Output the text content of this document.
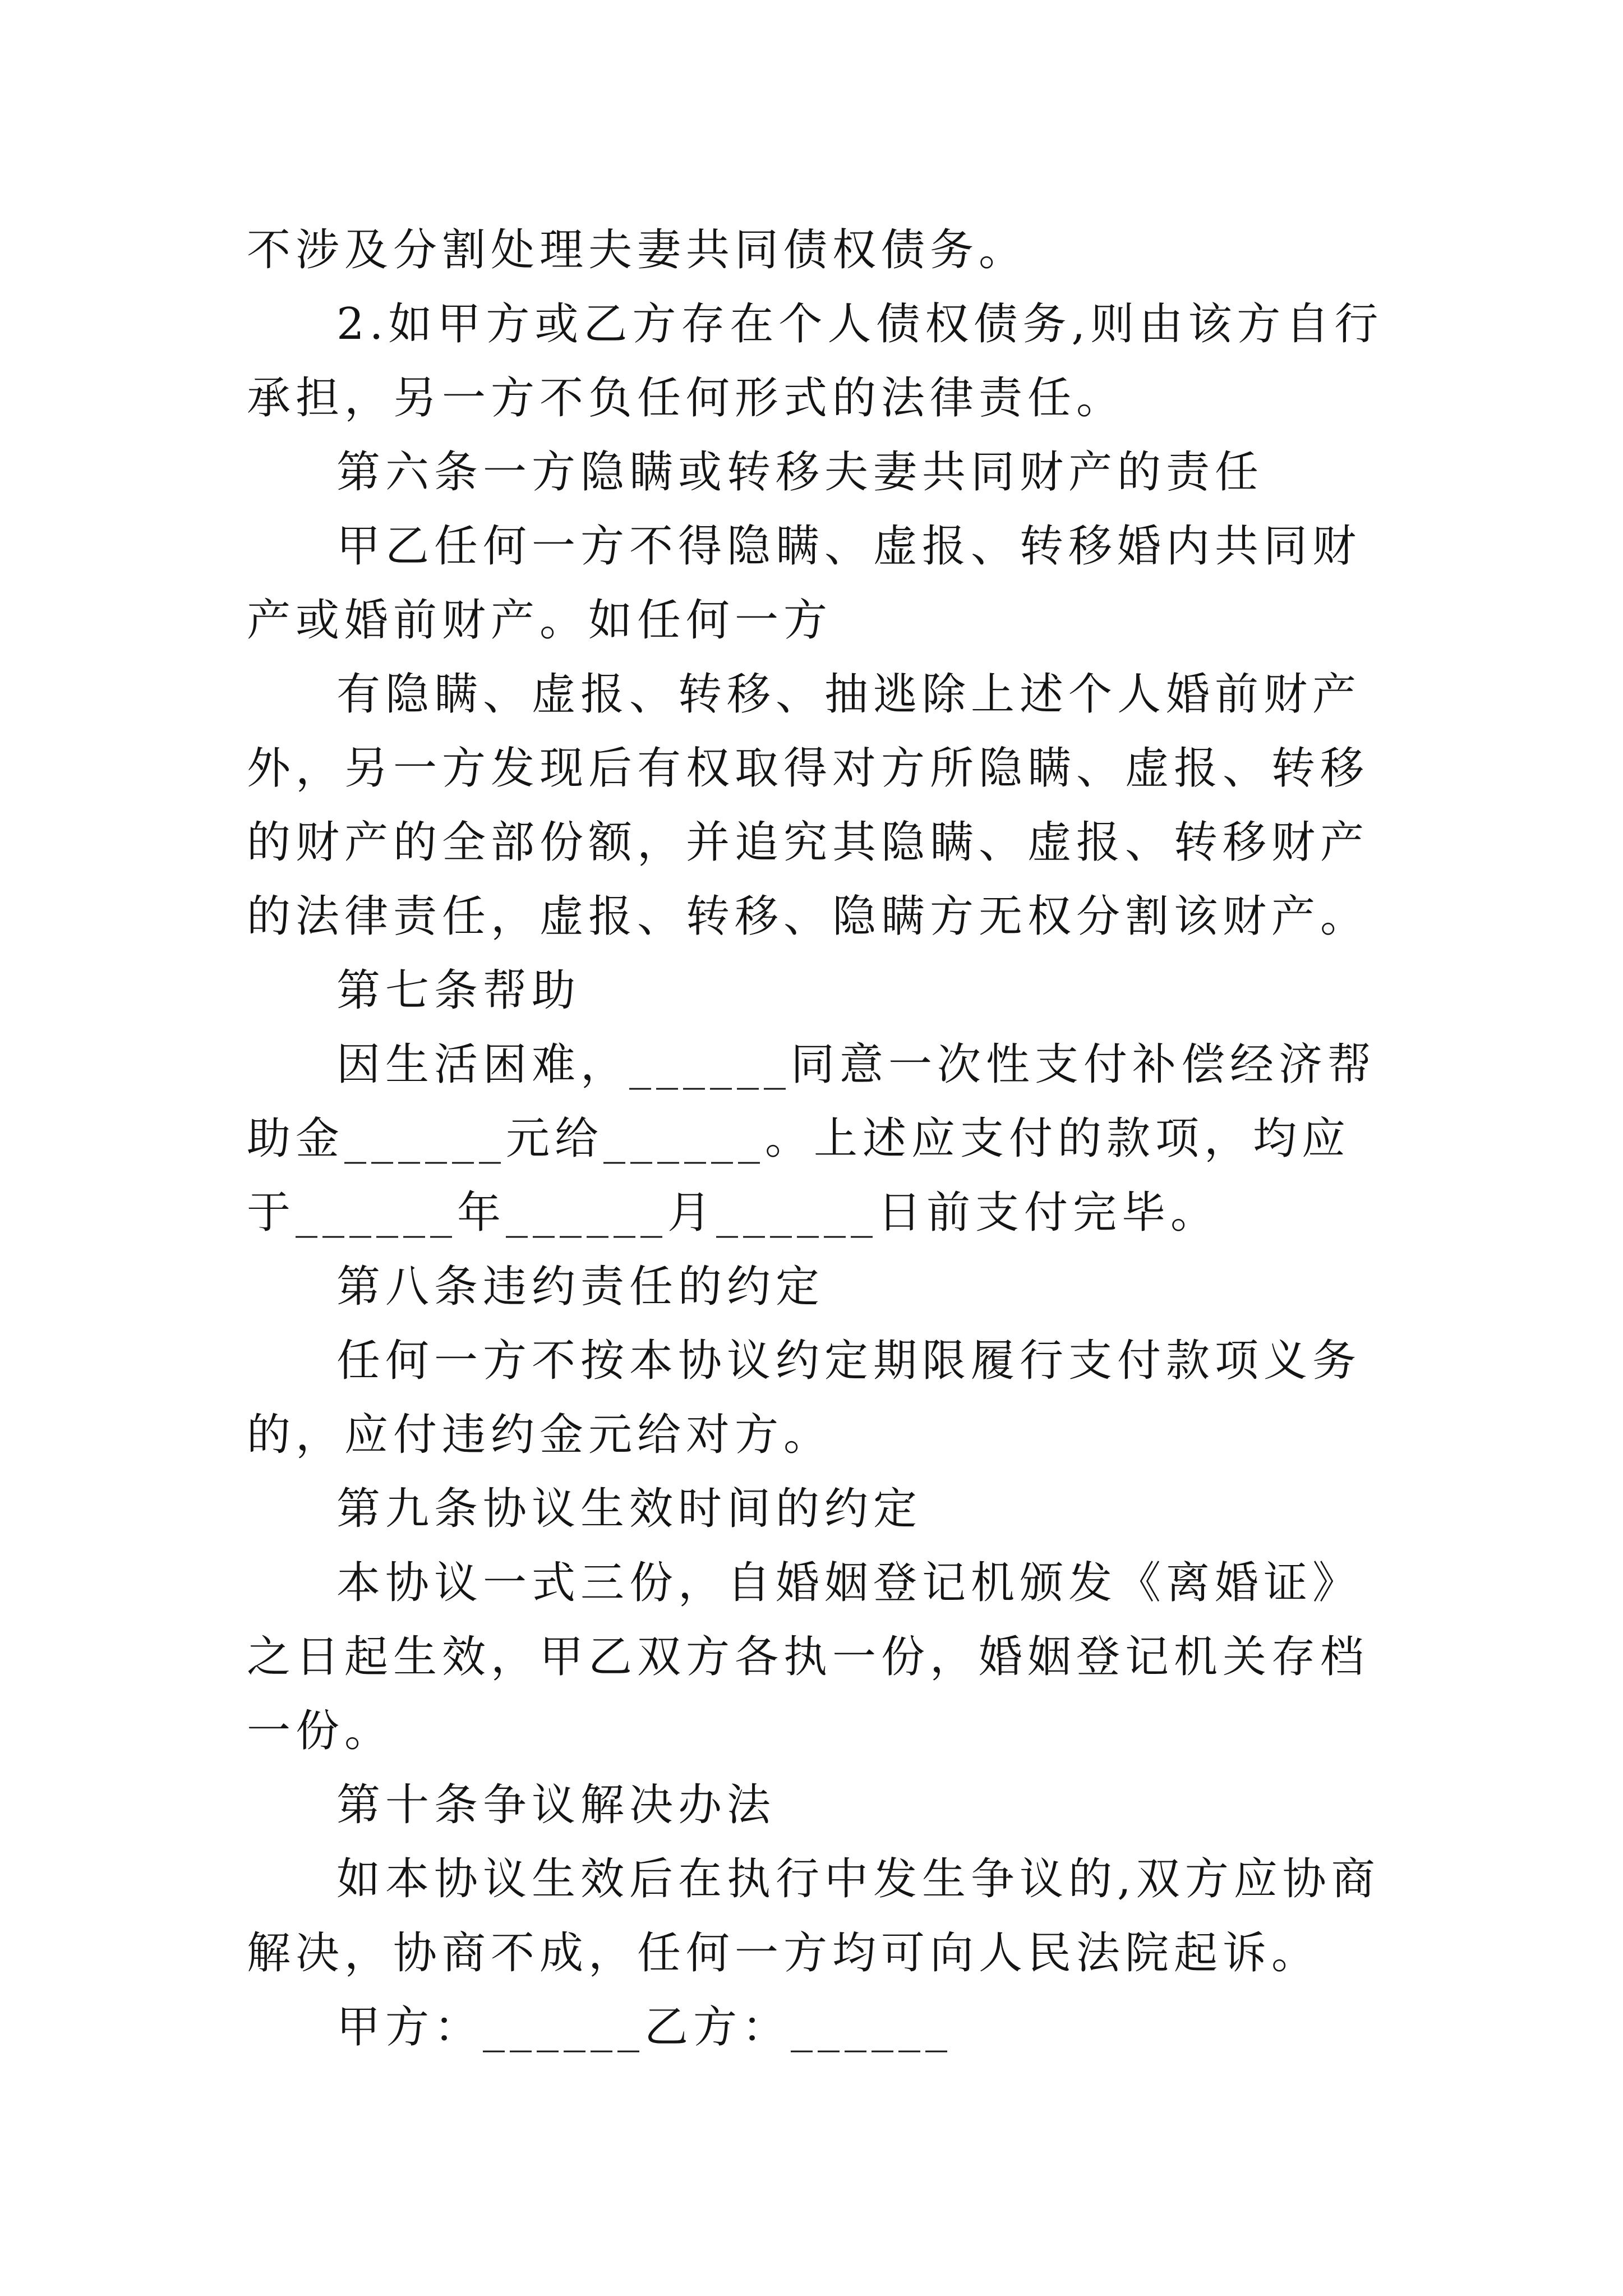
不涉及分割处理夫妻共同债权债务。

2.如甲方或乙方存在个人债权债务,则由该方自行承担，另一方不负任何形式的法律责任。

第六条一方隐瞒或转移夫妻共同财产的责任

甲乙任何一方不得隐瞒、虚报、转移婚内共同财产或婚前财产。如任何一方

有隐瞒、虚报、转移、抽逃除上述个人婚前财产外，另一方发现后有权取得对方所隐瞒、虚报、转移的财产的全部份额，并追究其隐瞒、虚报、转移财产的法律责任，虚报、转移、隐瞒方无权分割该财产。

第七条帮助

因生活困难，______同意一次性支付补偿经济帮助金______元给______。上述应支付的款项，均应于______年______月______日前支付完毕。

第八条违约责任的约定

任何一方不按本协议约定期限履行支付款项义务的，应付违约金元给对方。

第九条协议生效时间的约定

本协议一式三份，自婚姻登记机颁发《离婚证》之日起生效，甲乙双方各执一份，婚姻登记机关存档一份。

第十条争议解决办法

如本协议生效后在执行中发生争议的,双方应协商解决，协商不成，任何一方均可向人民法院起诉。

甲方：______乙方：______
